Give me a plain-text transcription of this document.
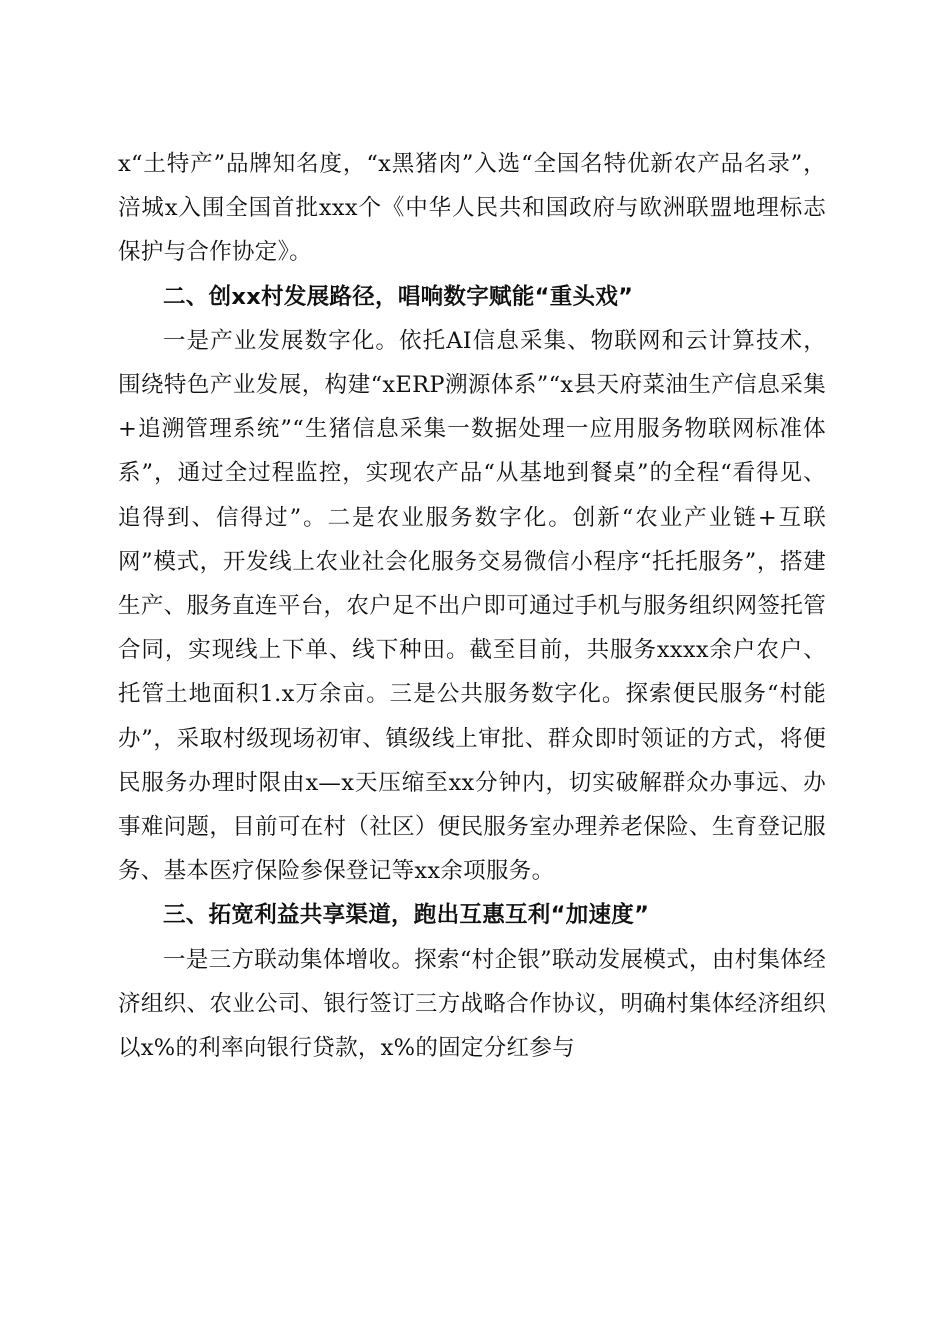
x“土特产”品牌知名度，“x黑猪肉”入选“全国名特优新农产品名录”，涪城x入围全国首批xxx个《中华人民共和国政府与欧洲联盟地理标志保护与合作协定》。

二、创xx村发展路径，唱响数字赋能“重头戏”

一是产业发展数字化。依托AI信息采集、物联网和云计算技术，围绕特色产业发展，构建“xERP溯源体系”“x县天府菜油生产信息采集+追溯管理系统”“生猪信息采集一数据处理一应用服务物联网标准体系”，通过全过程监控，实现农产品“从基地到餐桌”的全程“看得见、追得到、信得过”。二是农业服务数字化。创新“农业产业链+互联网”模式，开发线上农业社会化服务交易微信小程序“托托服务”，搭建生产、服务直连平台，农户足不出户即可通过手机与服务组织网签托管合同，实现线上下单、线下种田。截至目前，共服务xxxx余户农户、托管土地面积1.x万余亩。三是公共服务数字化。探索便民服务“村能办”，采取村级现场初审、镇级线上审批、群众即时领证的方式，将便民服务办理时限由x—x天压缩至xx分钟内，切实破解群众办事远、办事难问题，目前可在村（社区）便民服务室办理养老保险、生育登记服务、基本医疗保险参保登记等xx余项服务。

三、拓宽利益共享渠道，跑出互惠互利“加速度”

一是三方联动集体增收。探索“村企银”联动发展模式，由村集体经济组织、农业公司、银行签订三方战略合作协议，明确村集体经济组织以x%的利率向银行贷款，x%的固定分红参与
